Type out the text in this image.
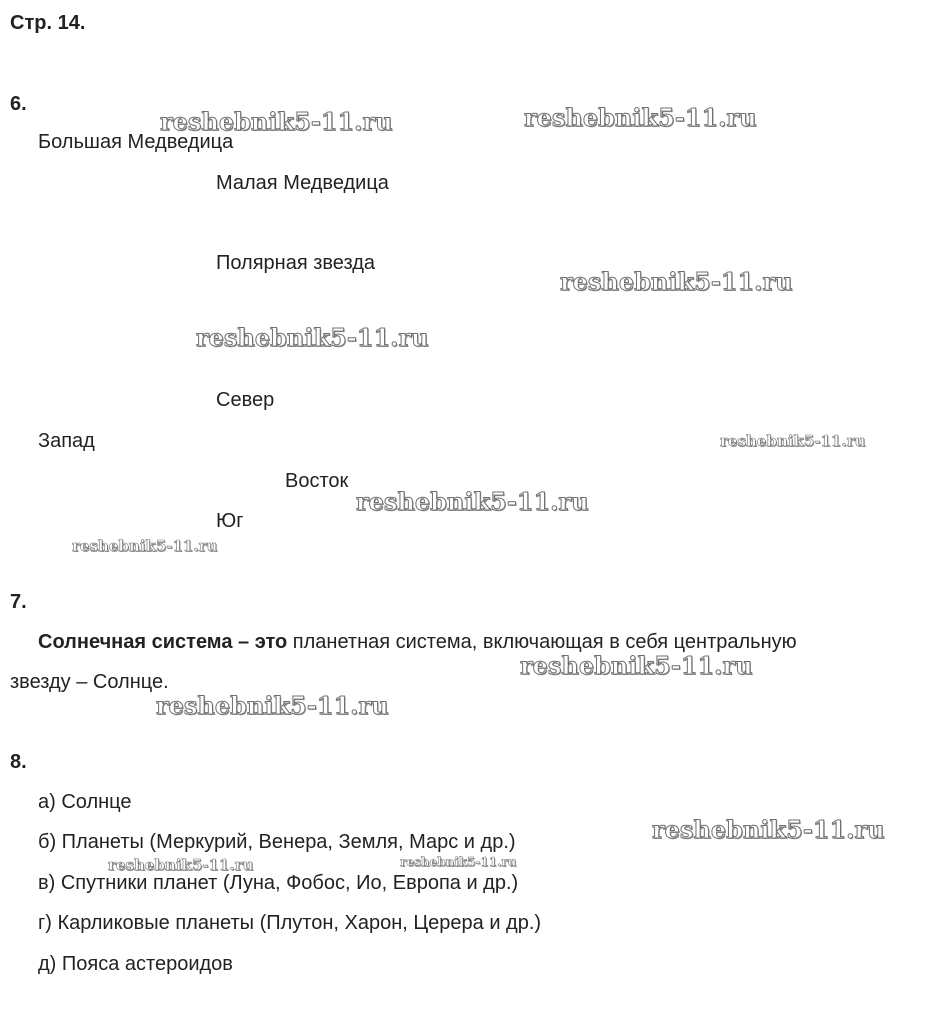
Стр. 14.
6.
Большая Медведица
Малая Медведица
Полярная звезда
Север
Запад
Восток
Юг
7.
Солнечная система – это планетная система, включающая в себя центральную
звезду – Солнце.
8.
а) Солнце
б) Планеты (Меркурий, Венера, Земля, Марс и др.)
в) Спутники планет (Луна, Фобос, Ио, Европа и др.)
г) Карликовые планеты (Плутон, Харон, Церера и др.)
д) Пояса астероидов
reshebnik5-11.ru	reshebnik5-11.ru
reshebnik5-11.ru
reshebnik5-11.ru
reshebnik5-11.ru
reshebnik5-11.ru
reshebnik5-11.ru
reshebnik5-11.ru
reshebnik5-11.ru
reshebnik5-11.ru
reshebnik5-11.ru	reshebnik5-11.ru
